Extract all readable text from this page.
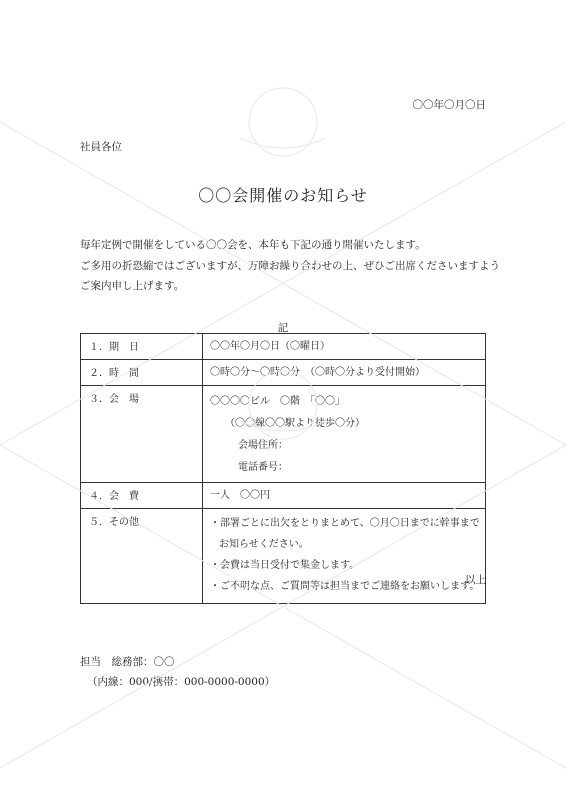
〇〇年〇月〇日
社員各位
〇〇会開催のお知らせ
毎年定例で開催をしている〇〇会を、本年も下記の通り開催いたします。
ご多用の折恐縮ではございますが、万障お繰り合わせの上、ぜひご出席くださいますよう
ご案内申し上げます。
記
１．期　日	〇〇年〇月〇日（〇曜日）

２．時　間	〇時〇分～〇時〇分　（〇時〇分より受付開始）

３．会　場	〇〇〇〇ビル　〇階　「〇〇」
（〇〇線〇〇駅より徒歩〇分）
会場住所：
電話番号：

４．会　費	一人　〇〇円

５．その他	・部署ごとに出欠をとりまとめて、〇月〇日までに幹事まで
お知らせください。
・会費は当日受付で集金します。
・ご不明な点、ご質問等は担当までご連絡をお願いします。
以上
担当　総務部：〇〇
（内線：000/携帯：000-0000-0000）
